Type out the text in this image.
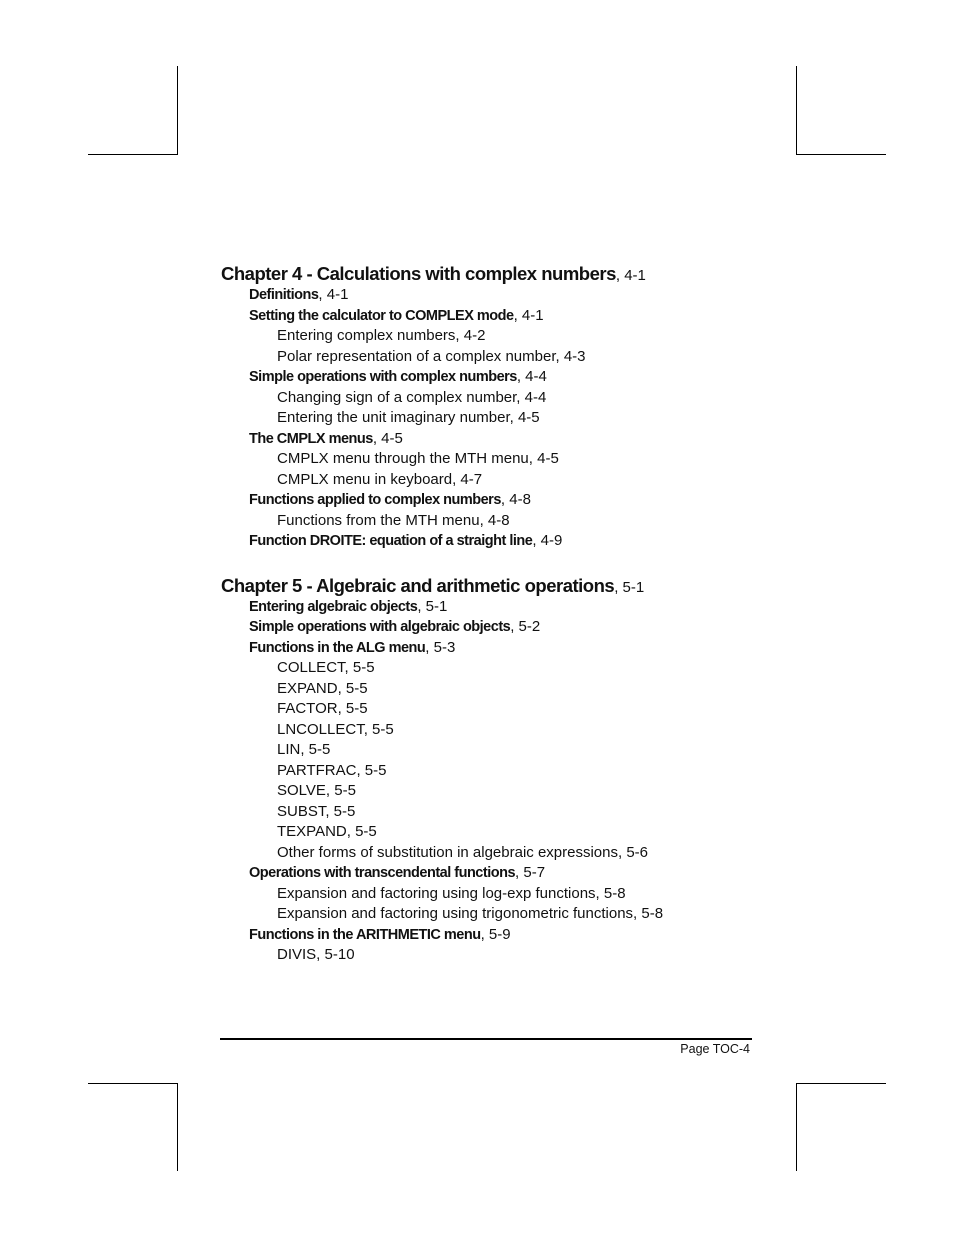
Chapter 4 - Calculations with complex numbers, 4-1
Definitions, 4-1
Setting the calculator to COMPLEX mode, 4-1
Entering complex numbers, 4-2
Polar representation of a complex number, 4-3
Simple operations with complex numbers, 4-4
Changing sign of a complex number, 4-4
Entering the unit imaginary number, 4-5
The CMPLX menus, 4-5
CMPLX menu through the MTH menu, 4-5
CMPLX menu in keyboard, 4-7
Functions applied to complex numbers, 4-8
Functions from the MTH menu, 4-8
Function DROITE: equation of a straight line, 4-9
Chapter 5 - Algebraic and arithmetic operations, 5-1
Entering algebraic objects, 5-1
Simple operations with algebraic objects, 5-2
Functions in the ALG menu, 5-3
COLLECT, 5-5
EXPAND, 5-5
FACTOR, 5-5
LNCOLLECT, 5-5
LIN, 5-5
PARTFRAC, 5-5
SOLVE, 5-5
SUBST, 5-5
TEXPAND, 5-5
Other forms of substitution in algebraic expressions, 5-6
Operations with transcendental functions, 5-7
Expansion and factoring using log-exp functions, 5-8
Expansion and factoring using trigonometric functions, 5-8
Functions in the ARITHMETIC menu, 5-9
DIVIS, 5-10
Page TOC-4
